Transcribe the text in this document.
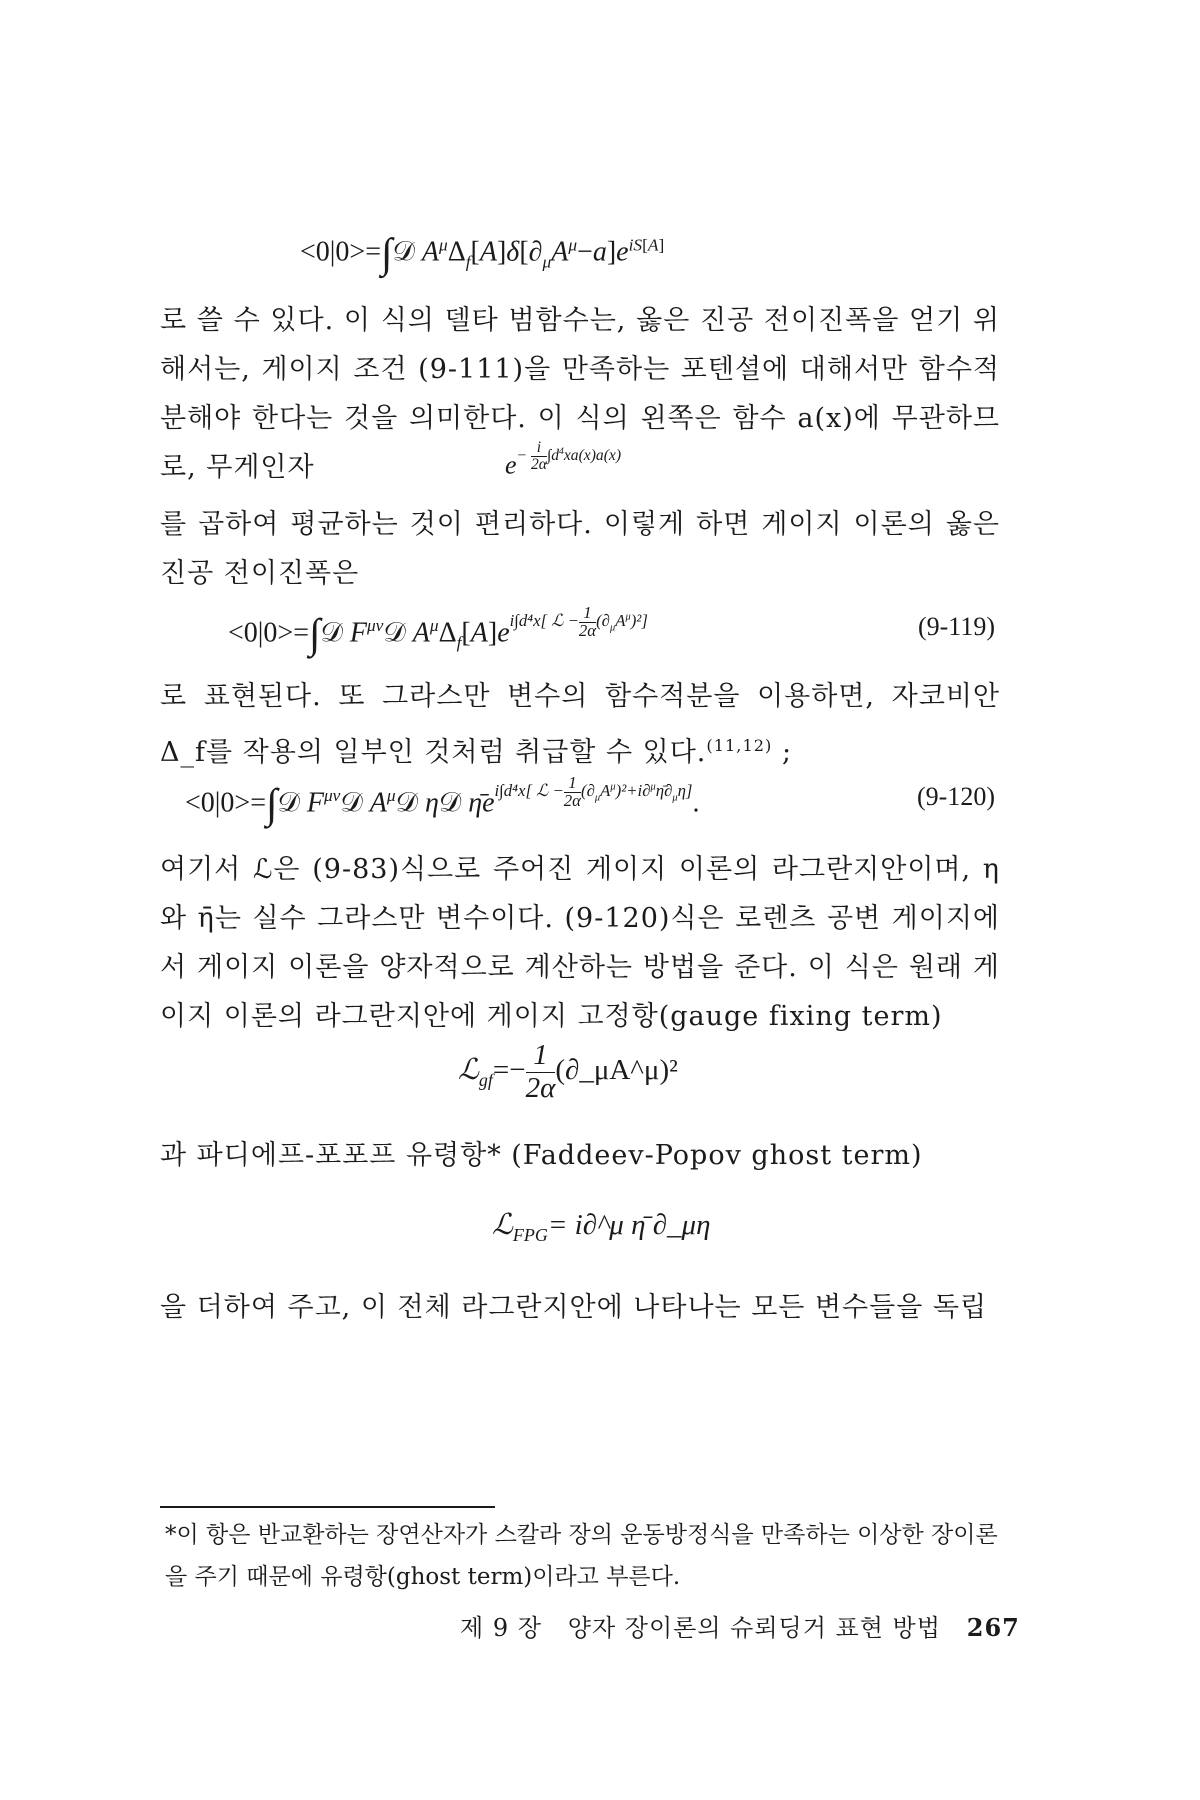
<0|0>=∫𝒟 $A^\mu\Delta_f[A]\delta[\partial_\mu A^\mu-a]e^{iS[A]}$

로 쓸 수 있다. 이 식의 델타 범함수는, 옳은 진공 전이진폭을 얻기 위해서는, 게이지 조건 (9-111)을 만족하는 포텐셜에 대해서만 함수적분해야 한다는 것을 의미한다. 이 식의 왼쪽은 함수 a(x)에 무관하므로, 무게인자	$e^{- \frac{i}{2\alpha} \int d^4xa(x)a(x)}$

를 곱하여 평균하는 것이 편리하다. 이렇게 하면 게이지 이론의 옳은 진공 전이진폭은

<0|0>=∫𝒟 $F^{\mu\nu}𝒟$ $A^\mu\Delta_f[A]e^{i\int d^4x[ ℒ - \frac{1}{2\alpha} (\partial_\mu A^\mu)^2]}$	(9-119)

로 표현된다. 또 그라스만 변수의 함수적분을 이용하면, 자코비안 Δ_f를 작용의 일부인 것처럼 취급할 수 있다.$^{(11,12)}$ ;

<0|0>=∫𝒟 $F^{\mu\nu}𝒟$ $A^\mu 𝒟$ η𝒟 $\etāe^{i\int d^4x[ ℒ - \frac{1}{2\alpha} (\partial_\mu A^\mu)^2+i\partial^\mu\etā\partial_\mu\eta]}$.	(9-120)

여기서 ℒ은 (9-83)식으로 주어진 게이지 이론의 라그란지안이며, η와 η̄는 실수 그라스만 변수이다. (9-120)식은 로렌츠 공변 게이지에서 게이지 이론을 양자적으로 계산하는 방법을 준다. 이 식은 원래 게이지 이론의 라그란지안에 게이지 고정항(gauge fixing term)

ℒ$_{gf}$=− $\frac{1}{2\alpha}$ (∂_μA^μ)²

과 파디에프-포포프 유령항* (Faddeev-Popov ghost term)

ℒ$_{FPG}$= i∂^μ η̄ ∂_μη

을 더하여 주고, 이 전체 라그란지안에 나타나는 모든 변수들을 독립

*이 항은 반교환하는 장연산자가 스칼라 장의 운동방정식을 만족하는 이상한 장이론을 주기 때문에 유령항(ghost term)이라고 부른다.

제 9 장 양자 장이론의 슈뢰딩거 표현 방법 267
